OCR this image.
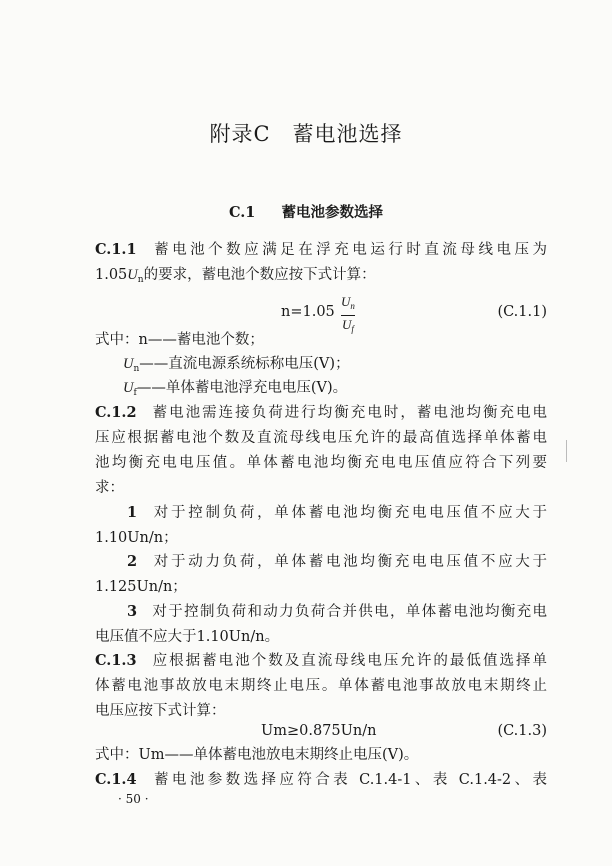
附录C　蓄电池选择
C.1 蓄电池参数选择
C.1.1 蓄电池个数应满足在浮充电运行时直流母线电压为
$1.05U_n$的要求，蓄电池个数应按下式计算：
n=1.05
$U_n$
$U_f$
(C.1.1)
式中：n——蓄电池个数；
$U_n——$直流电源系统标称电压(V)；
$U_f——$单体蓄电池浮充电电压(V)。
C.1.2 蓄电池需连接负荷进行均衡充电时，蓄电池均衡充电电
压应根据蓄电池个数及直流母线电压允许的最高值选择单体蓄电
池均衡充电电压值。单体蓄电池均衡充电电压值应符合下列要
求：
1 对于控制负荷，单体蓄电池均衡充电电压值不应大于
1.10Un/n；
2 对于动力负荷，单体蓄电池均衡充电电压值不应大于
1.125Un/n；
3 对于控制负荷和动力负荷合并供电，单体蓄电池均衡充电
电压值不应大于1.10Un/n。
C.1.3 应根据蓄电池个数及直流母线电压允许的最低值选择单
体蓄电池事故放电末期终止电压。单体蓄电池事故放电末期终止
电压应按下式计算：
Um≥0.875Un/n	(C.1.3)
式中：Um——单体蓄电池放电末期终止电压(V)。
C.1.4 蓄电池参数选择应符合表 C.1.4-1、表 C.1.4-2、表
· 50 ·
